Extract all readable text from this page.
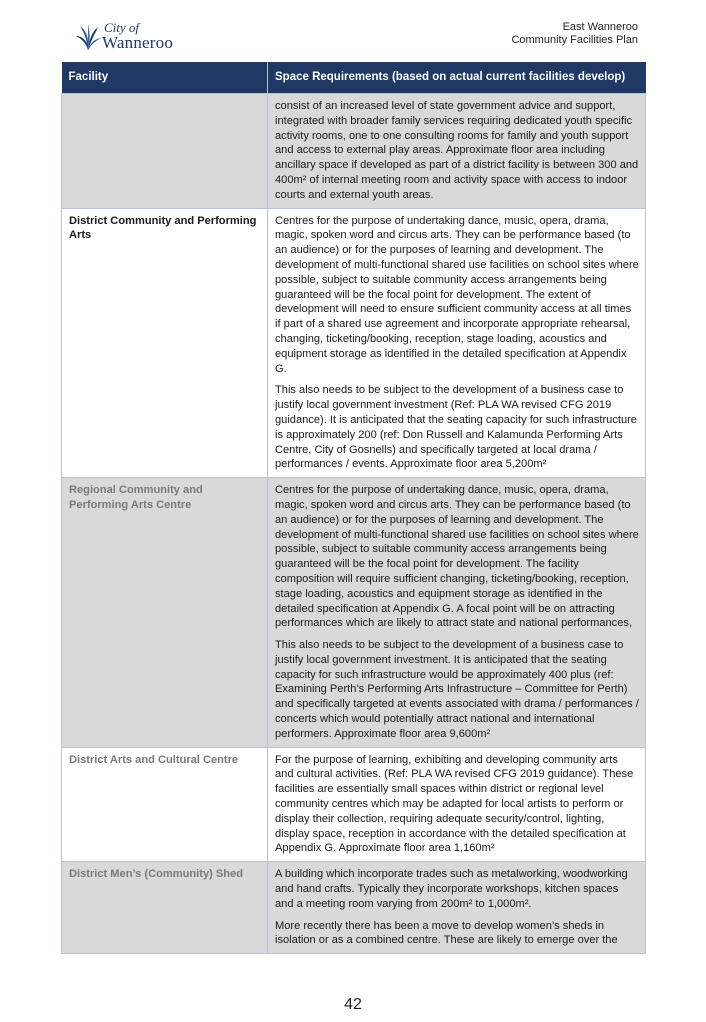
City of
Wanneroo
East Wanneroo
Community Facilities Plan
Facility	Space Requirements (based on actual current facilities develop)

	consist of an increased level of state government advice and support, integrated with broader family services requiring dedicated youth specific activity rooms, one to one consulting rooms for family and youth support and access to external play areas. Approximate floor area including ancillary space if developed as part of a district facility is between 300 and 400m² of internal meeting room and activity space with access to indoor courts and external youth areas.

District Community and Performing Arts	Centres for the purpose of undertaking dance, music, opera, drama, magic, spoken word and circus arts. They can be performance based (to an audience) or for the purposes of learning and development. The development of multi-functional shared use facilities on school sites where possible, subject to suitable community access arrangements being guaranteed will be the focal point for development. The extent of development will need to ensure sufficient community access at all times if part of a shared use agreement and incorporate appropriate rehearsal, changing, ticketing/booking, reception, stage loading, acoustics and equipment storage as identified in the detailed specification at Appendix G.

This also needs to be subject to the development of a business case to justify local government investment (Ref: PLA WA revised CFG 2019 guidance). It is anticipated that the seating capacity for such infrastructure is approximately 200 (ref: Don Russell and Kalamunda Performing Arts Centre, City of Gosnells) and specifically targeted at local drama / performances / events. Approximate floor area 5,200m²

Regional Community and Performing Arts Centre	Centres for the purpose of undertaking dance, music, opera, drama, magic, spoken word and circus arts. They can be performance based (to an audience) or for the purposes of learning and development. The development of multi-functional shared use facilities on school sites where possible, subject to suitable community access arrangements being guaranteed will be the focal point for development. The facility composition will require sufficient changing, ticketing/booking, reception, stage loading, acoustics and equipment storage as identified in the detailed specification at Appendix G. A focal point will be on attracting performances which are likely to attract state and national performances,

This also needs to be subject to the development of a business case to justify local government investment. It is anticipated that the seating capacity for such infrastructure would be approximately 400 plus (ref: Examining Perth’s Performing Arts Infrastructure – Committee for Perth) and specifically targeted at events associated with drama / performances / concerts which would potentially attract national and international performers. Approximate floor area 9,600m²

District Arts and Cultural Centre	For the purpose of learning, exhibiting and developing community arts and cultural activities. (Ref: PLA WA revised CFG 2019 guidance). These facilities are essentially small spaces within district or regional level community centres which may be adapted for local artists to perform or display their collection, requiring adequate security/control, lighting, display space, reception in accordance with the detailed specification at Appendix G. Approximate floor area 1,160m²

District Men’s (Community) Shed	A building which incorporate trades such as metalworking, woodworking and hand crafts. Typically they incorporate workshops, kitchen spaces and a meeting room varying from 200m² to 1,000m².

More recently there has been a move to develop women’s sheds in isolation or as a combined centre. These are likely to emerge over the

42
